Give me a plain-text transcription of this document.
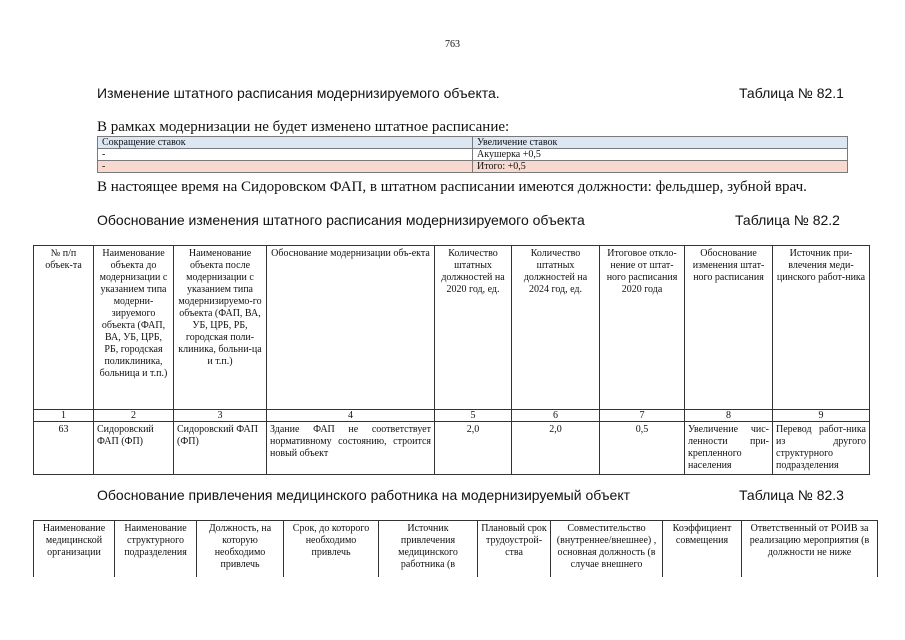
763
Изменение штатного расписания модернизируемого объекта.	Таблица № 82.1
В рамках модернизации не будет изменено штатное расписание:
Сокращение ставок	Увеличение ставок
-	Акушерка +0,5
-	Итого: +0,5
В настоящее время на Сидоровском ФАП, в штатном расписании имеются должности: фельдшер, зубной врач.
Обоснование изменения штатного расписания модернизируемого объекта	Таблица № 82.2
№ п/п объек-та	Наименование объекта до модернизации с указанием типа модерни-зируемого объекта (ФАП, ВА, УБ, ЦРБ, РБ, городская поликлиника, больница и т.п.)	Наименование объекта после модернизации с указанием типа модернизируемо-го объекта (ФАП, ВА, УБ, ЦРБ, РБ, городская поли-клиника, больни-ца и т.п.)	Обоснование модернизации объ-екта	Количество штатных должностей на 2020 год, ед.	Количество штатных должностей на 2024 год, ед.	Итоговое откло-нение от штат-ного расписания 2020 года	Обоснование изменения штат-ного расписания	Источник при-влечения меди-цинского работ-ника
1	2	3	4	5	6	7	8	9
63	Сидоровский ФАП (ФП)	Сидоровский ФАП (ФП)	Здание ФАП не соответствует нормативному состоянию, строится новый объект	2,0	2,0	0,5	Увеличение чис-ленности при-крепленного населения	Перевод работ-ника из другого структурного подразделения
Обоснование привлечения медицинского работника на модернизируемый объект	Таблица № 82.3
Наименование медицинской организации	Наименование структурного подразделения	Должность, на которую необходимо привлечь	Срок, до которого необходимо привлечь	Источник привлечения медицинского работника (в	Плановый срок трудоустрой-ства	Совместительство (внутреннее/внешнее) , основная должность (в случае внешнего	Коэффициент совмещения	Ответственный от РОИВ за реализацию мероприятия (в должности не ниже
